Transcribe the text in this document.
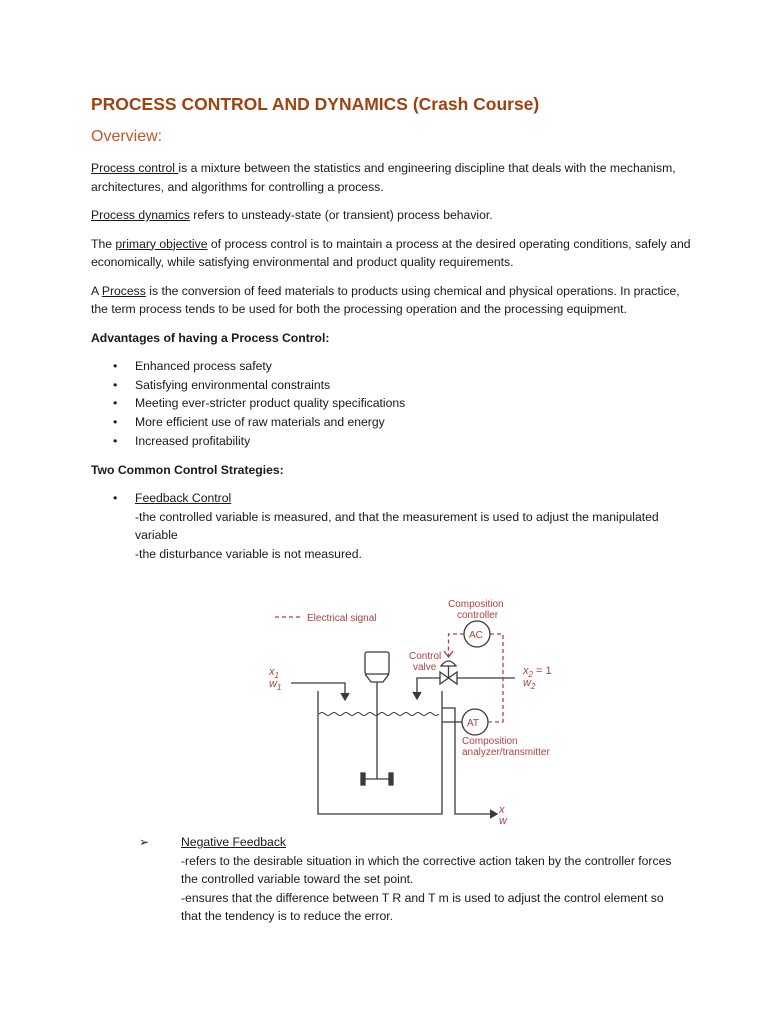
PROCESS CONTROL AND DYNAMICS (Crash Course)
Overview:

Process control is a mixture between the statistics and engineering discipline that deals with the mechanism, architectures, and algorithms for controlling a process.

Process dynamics refers to unsteady-state (or transient) process behavior.

The primary objective of process control is to maintain a process at the desired operating conditions, safely and economically, while satisfying environmental and product quality requirements.

A Process is the conversion of feed materials to products using chemical and physical operations. In practice, the term process tends to be used for both the processing operation and the processing equipment.

Advantages of having a Process Control:

• Enhanced process safety
• Satisfying environmental constraints
• Meeting ever-stricter product quality specifications
• More efficient use of raw materials and energy
• Increased profitability

Two Common Control Strategies:

• Feedback Control
-the controlled variable is measured, and that the measurement is used to adjust the manipulated variable
-the disturbance variable is not measured.
Electrical signal
Composition
controller
Control
valve
Composition
analyzer/transmitter
AC
AT
$x_1$
$w_1$
$x_2 = 1$
$w_2$
x
w
➢	Negative Feedback
-refers to the desirable situation in which the corrective action taken by the controller forces the controlled variable toward the set point.
-ensures that the difference between T R and T m is used to adjust the control element so that the tendency is to reduce the error.
